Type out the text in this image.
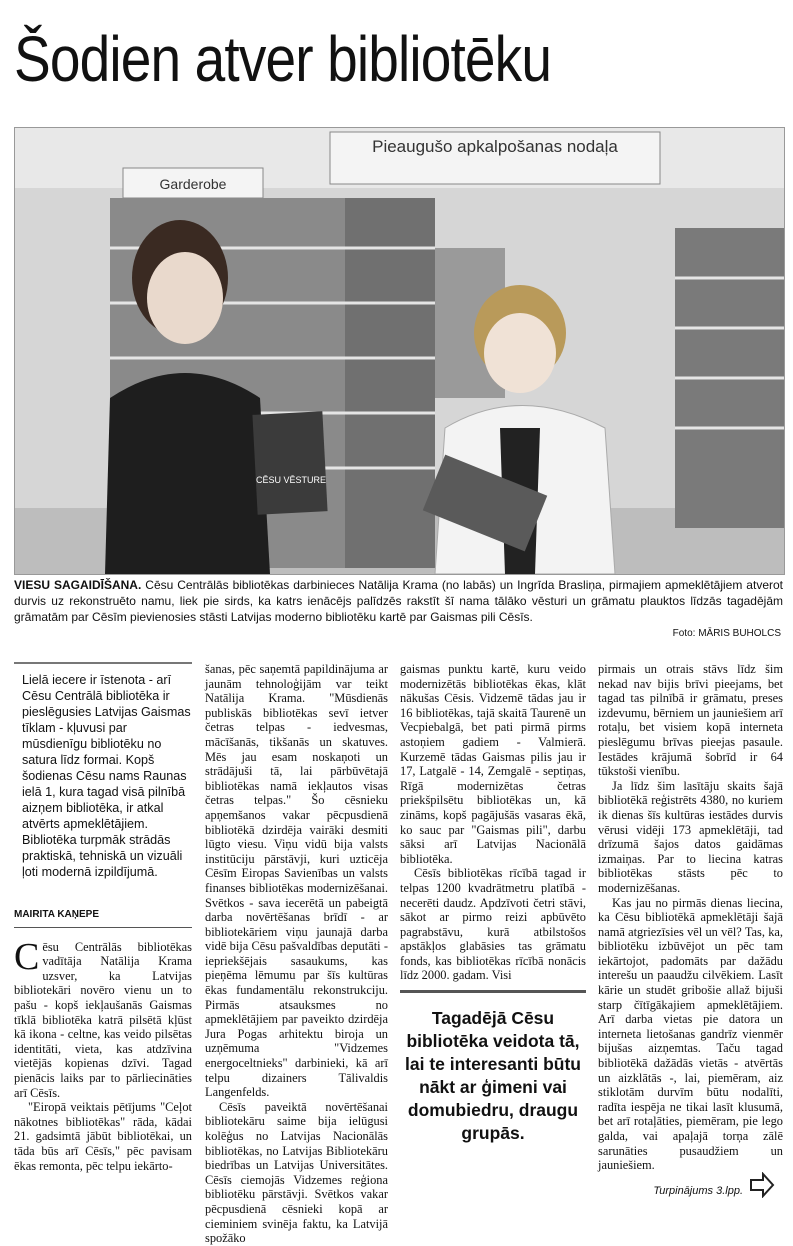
Šodien atver bibliotēku
Pieaugušo apkalpošanas nodaļa
Garderobe
CĒSU VĒSTURE
VIESU SAGAIDĪŠANA. Cēsu Centrālās bibliotēkas darbinieces Natālija Krama (no labās) un Ingrīda Brasliņa, pirmajiem apmeklētājiem atverot durvis uz rekonstruēto namu, liek pie sirds, ka katrs ienācējs palīdzēs rakstīt šī nama tālāko vēsturi un grāmatu plauktos līdzās tagadējām grāmatām par Cēsīm pievienosies stāsti Latvijas moderno bibliotēku kartē par Gaismas pili Cēsīs.
Foto: MĀRIS BUHOLCS
Lielā iecere ir īstenota - arī Cēsu Centrālā bibliotēka ir pieslēgusies Latvijas Gaismas tīklam - kļuvusi par mūsdienīgu bibliotēku no satura līdz formai. Kopš šodienas Cēsu nams Raunas ielā 1, kura tagad visā pilnībā aizņem bibliotēka, ir atkal atvērts apmeklētājiem. Bibliotēka turpmāk strādās praktiskā, tehniskā un vizuāli ļoti modernā izpildījumā.
MAIRITA KAŅEPE

Cēsu Centrālās bibliotēkas vadītāja Natālija Krama uzsver, ka Latvijas bibliotekāri novēro vienu un to pašu - kopš iekļaušanās Gaismas tīklā bibliotēka katrā pilsētā kļūst kā ikona - celtne, kas veido pilsētas identitāti, vieta, kas atdzīvina vietējās kopienas dzīvi. Tagad pienācis laiks par to pārliecināties arī Cēsīs.

"Eiropā veiktais pētījums "Ceļot nākotnes bibliotēkas" rāda, kādai 21. gadsimtā jābūt bibliotēkai, un tāda būs arī Cēsīs," pēc pavisam ēkas remonta, pēc telpu iekārto-

šanas, pēc saņemtā papildinājuma ar jaunām tehnoloģijām var teikt Natālija Krama. "Mūsdienās publiskās bibliotēkas sevī ietver četras telpas - iedvesmas, mācīšanās, tikšanās un skatuves. Mēs jau esam noskaņoti un strādājuši tā, lai pārbūvētajā bibliotēkas namā iekļautos visas četras telpas." Šo cēsnieku apņemšanos vakar pēcpusdienā bibliotēkā dzirdēja vairāki desmiti lūgto viesu. Viņu vidū bija valsts institūciju pārstāvji, kuri uzticēja Cēsīm Eiropas Savienības un valsts finanses bibliotēkas modernizēšanai. Svētkos - sava iecerētā un pabeigtā darba novērtēšanas brīdī - ar bibliotekāriem viņu jaunajā darba vidē bija Cēsu pašvaldības deputāti - iepriekšējais sasaukums, kas pieņēma lēmumu par šīs kultūras ēkas fundamentālu rekonstrukciju. Pirmās atsauksmes no apmeklētājiem par paveikto dzirdēja Jura Pogas arhitektu biroja un uzņēmuma "Vidzemes energoceltnieks" darbinieki, kā arī telpu dizainers Tālivaldis Langenfelds.

Cēsīs paveiktā novērtēšanai bibliotekāru saime bija ielūgusi kolēģus no Latvijas Nacionālās bibliotēkas, no Latvijas Bibliotekāru biedrības un Latvijas Universitātes. Cēsīs ciemojās Vidzemes reģiona bibliotēku pārstāvji. Svētkos vakar pēcpusdienā cēsnieki kopā ar cieminiem svinēja faktu, ka Latvijā spožāko

gaismas punktu kartē, kuru veido modernizētās bibliotēkas ēkas, klāt nākušas Cēsis. Vidzemē tādas jau ir 16 bibliotēkas, tajā skaitā Taurenē un Vecpiebalgā, bet pati pirmā pirms astoņiem gadiem - Valmierā. Kurzemē tādas Gaismas pilis jau ir 17, Latgalē - 14, Zemgalē - septiņas, Rīgā modernizētas četras priekšpilsētu bibliotēkas un, kā zināms, kopš pagājušās vasaras ēkā, ko sauc par "Gaismas pili", darbu sāksi arī Latvijas Nacionālā bibliotēka.

Cēsīs bibliotēkas rīcībā tagad ir telpas 1200 kvadrātmetru platībā - necerēti daudz. Apdzīvoti četri stāvi, sākot ar pirmo reizi apbūvēto pagrabstāvu, kurā atbilstošos apstākļos glabāsies tas grāmatu fonds, kas bibliotēkas rīcībā nonācis līdz 2000. gadam. Visi

Tagadējā Cēsu bibliotēka veidota tā, lai te interesanti būtu nākt ar ģimeni vai domubiedru, draugu grupās.

pirmais un otrais stāvs līdz šim nekad nav bijis brīvi pieejams, bet tagad tas pilnībā ir grāmatu, preses izdevumu, bērniem un jauniešiem arī rotaļu, bet visiem kopā interneta pieslēgumu brīvas pieejas pasaule. Iestādes krājumā šobrīd ir 64 tūkstoši vienību.

Ja līdz šim lasītāju skaits šajā bibliotēkā reģistrēts 4380, no kuriem ik dienas šīs kultūras iestādes durvis vērusi vidēji 173 apmeklētāji, tad drīzumā šajos datos gaidāmas izmaiņas. Par to liecina katras bibliotēkas stāsts pēc to modernizēšanas.

Kas jau no pirmās dienas liecina, ka Cēsu bibliotēkā apmeklētāji šajā namā atgriezīsies vēl un vēl? Tas, ka, bibliotēku izbūvējot un pēc tam iekārtojot, padomāts par dažādu interešu un paaudžu cilvēkiem. Lasīt kārie un studēt gribošie allaž bijuši starp čītīgākajiem apmeklētājiem. Arī darba vietas pie datora un interneta lietošanas gandrīz vienmēr bijušas aizņemtas. Taču tagad bibliotēkā dažādās vietās - atvērtās un aizklātās -, lai, piemēram, aiz stiklotām durvīm būtu nodalīti, radīta iespēja ne tikai lasīt klusumā, bet arī rotaļāties, piemēram, pie lego galda, vai apaļajā torņa zālē sarunāties pusaudžiem un jauniešiem.

Turpinājums 3.lpp.
